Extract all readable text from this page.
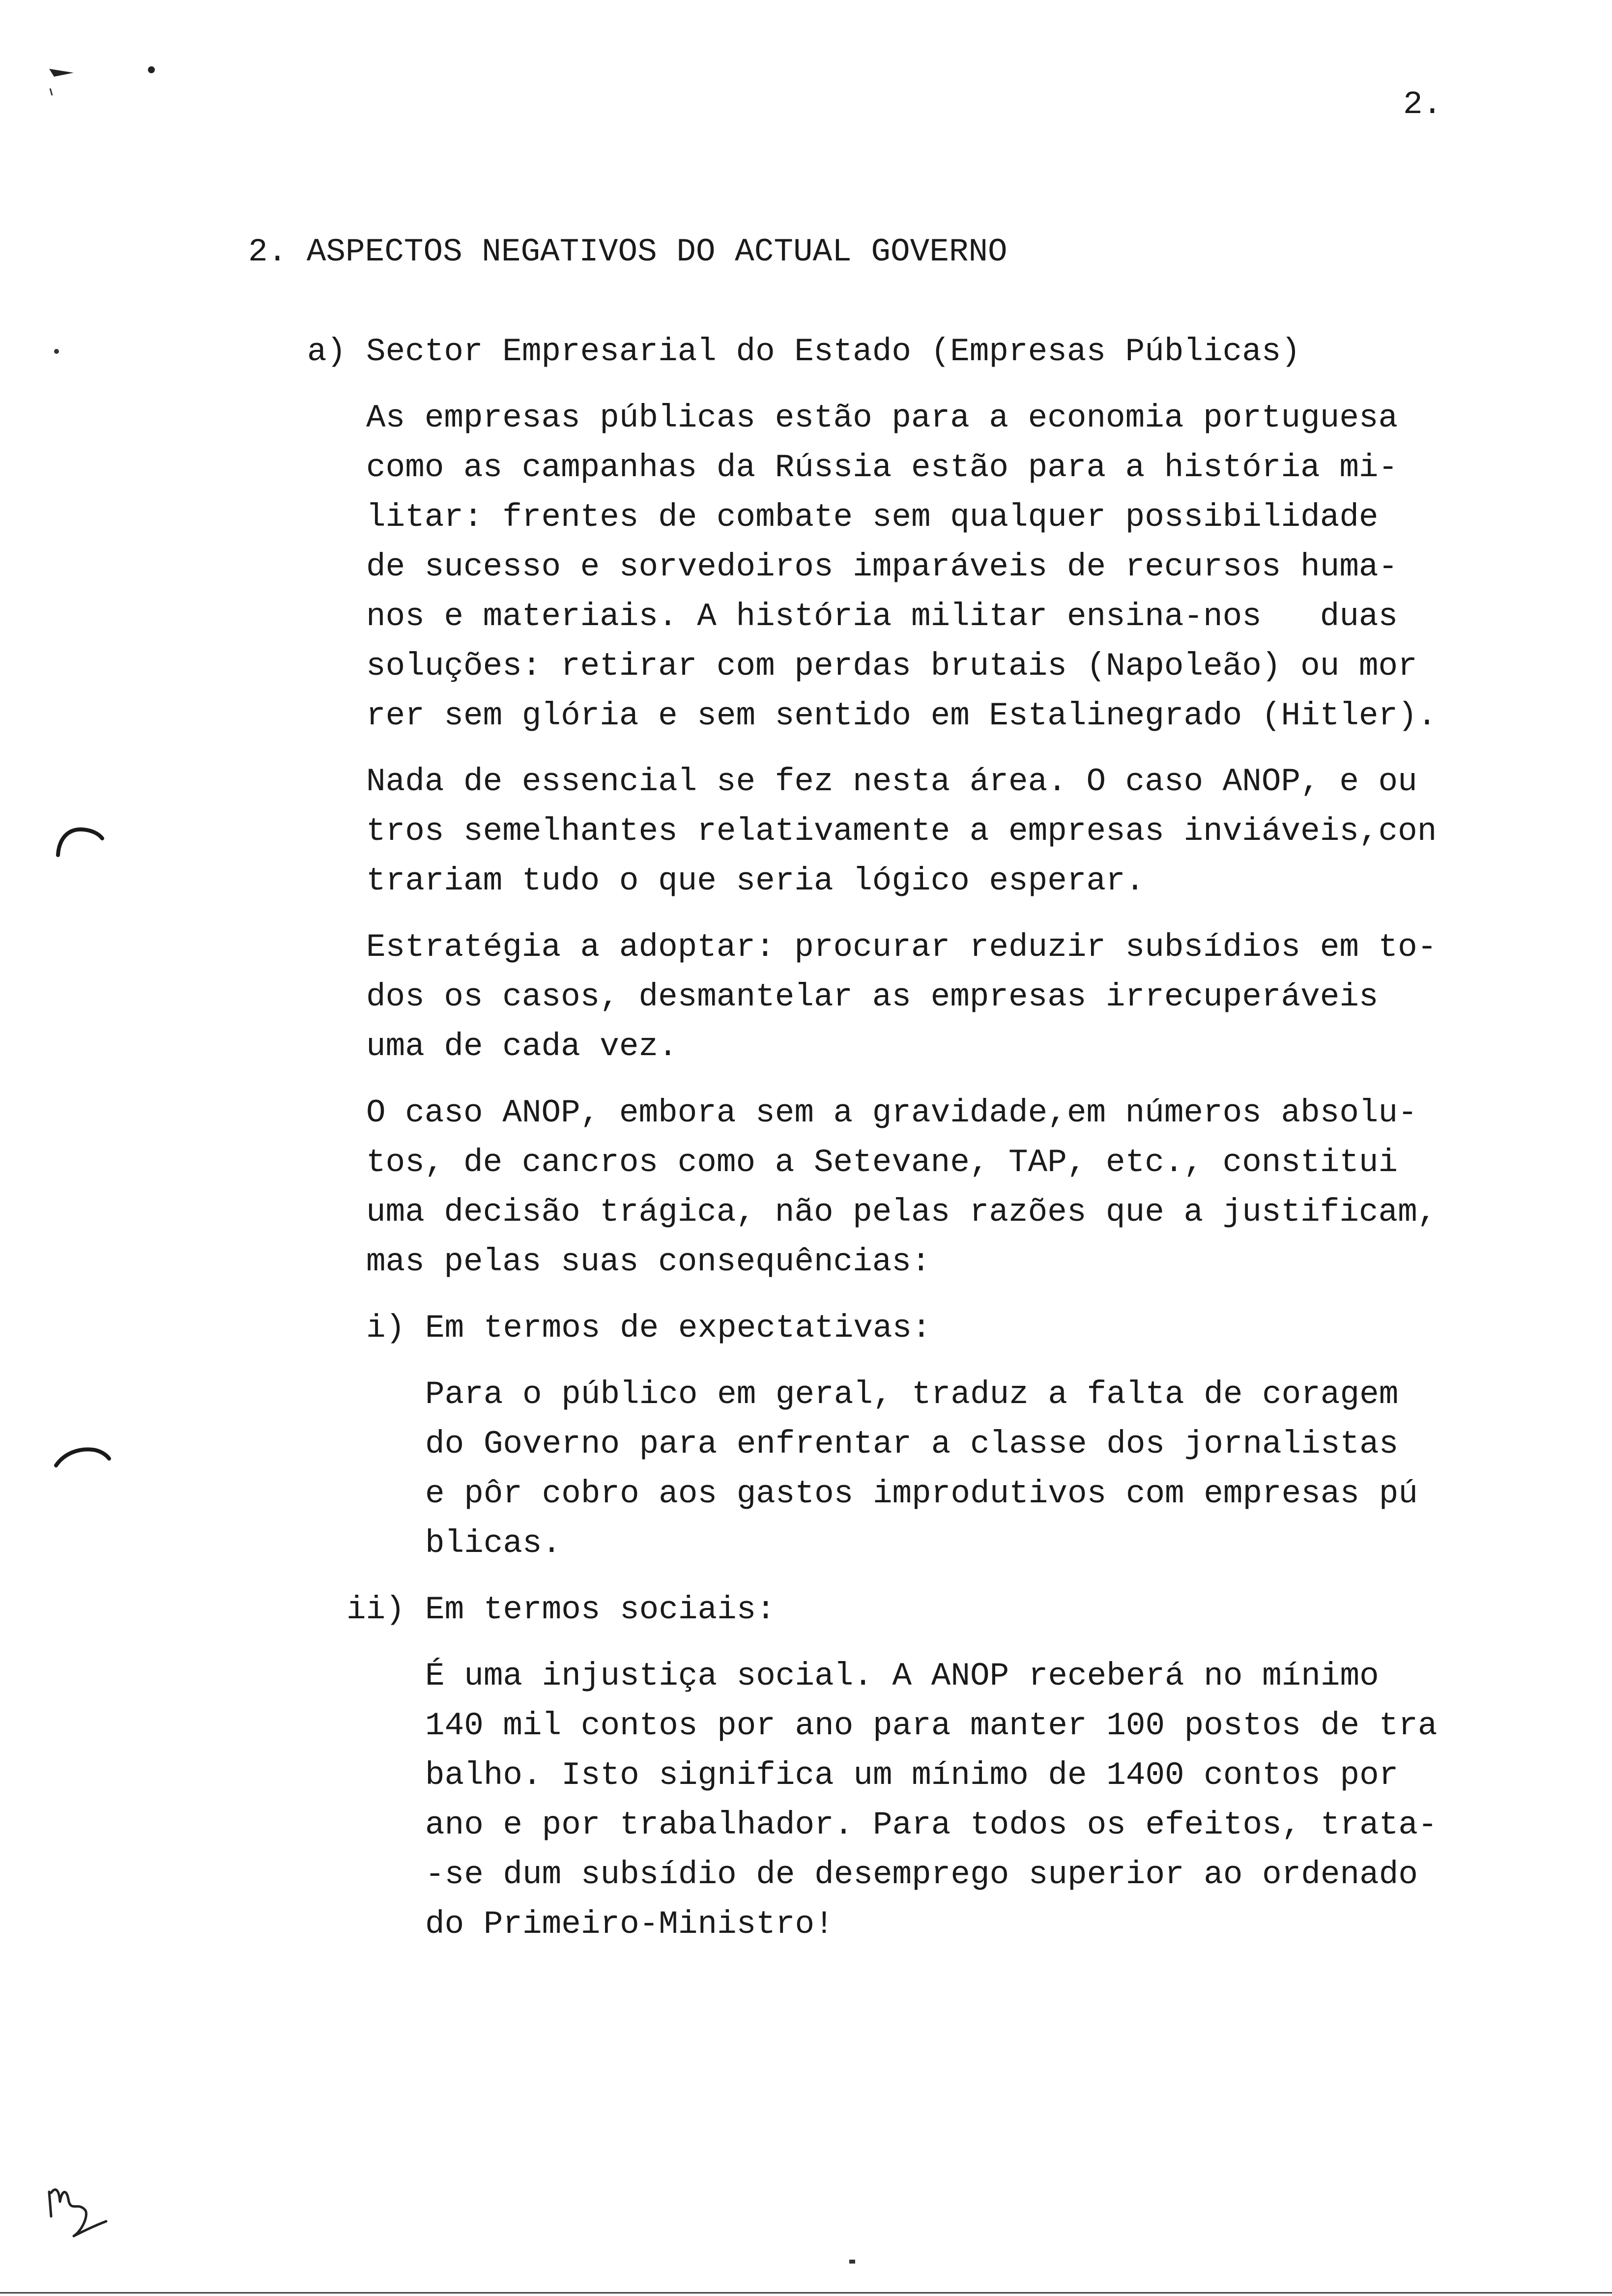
2.
2. ASPECTOS NEGATIVOS DO ACTUAL GOVERNO
a) Sector Empresarial do Estado (Empresas Públicas)
As empresas públicas estão para a economia portuguesa
como as campanhas da Rússia estão para a história mi-
litar: frentes de combate sem qualquer possibilidade
de sucesso e sorvedoiros imparáveis de recursos huma-
nos e materiais. A história militar ensina-nos   duas
soluções: retirar com perdas brutais (Napoleão) ou mor
rer sem glória e sem sentido em Estalinegrado (Hitler).
Nada de essencial se fez nesta área. O caso ANOP, e ou
tros semelhantes relativamente a empresas inviáveis,con
trariam tudo o que seria lógico esperar.
Estratégia a adoptar: procurar reduzir subsídios em to-
dos os casos, desmantelar as empresas irrecuperáveis
uma de cada vez.
O caso ANOP, embora sem a gravidade,em números absolu-
tos, de cancros como a Setevane, TAP, etc., constitui
uma decisão trágica, não pelas razões que a justificam,
mas pelas suas consequências:
i) Em termos de expectativas:
Para o público em geral, traduz a falta de coragem
do Governo para enfrentar a classe dos jornalistas
e pôr cobro aos gastos improdutivos com empresas pú
blicas.
ii) Em termos sociais:
É uma injustiça social. A ANOP receberá no mínimo
140 mil contos por ano para manter 100 postos de tra
balho. Isto significa um mínimo de 1400 contos por
ano e por trabalhador. Para todos os efeitos, trata-
-se dum subsídio de desemprego superior ao ordenado
do Primeiro-Ministro!
